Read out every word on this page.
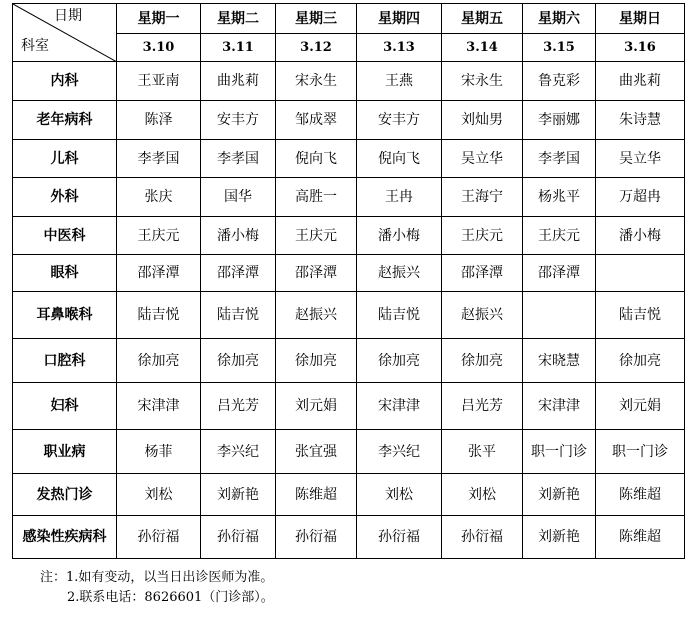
日期
科室	星期一	星期二	星期三	星期四	星期五	星期六	星期日
	3.10	3.11	3.12	3.13	3.14	3.15	3.16
内科	王亚南	曲兆莉	宋永生	王燕	宋永生	鲁克彩	曲兆莉
老年病科	陈泽	安丰方	邹成翠	安丰方	刘灿男	李丽娜	朱诗慧
儿科	李孝国	李孝国	倪向飞	倪向飞	吴立华	李孝国	吴立华
外科	张庆	国华	高胜一	王冉	王海宁	杨兆平	万超冉
中医科	王庆元	潘小梅	王庆元	潘小梅	王庆元	王庆元	潘小梅
眼科	邵泽潭	邵泽潭	邵泽潭	赵振兴	邵泽潭	邵泽潭	
耳鼻喉科	陆吉悦	陆吉悦	赵振兴	陆吉悦	赵振兴		陆吉悦
口腔科	徐加亮	徐加亮	徐加亮	徐加亮	徐加亮	宋晓慧	徐加亮
妇科	宋津津	吕光芳	刘元娟	宋津津	吕光芳	宋津津	刘元娟
职业病	杨菲	李兴纪	张宜强	李兴纪	张平	职一门诊	职一门诊
发热门诊	刘松	刘新艳	陈维超	刘松	刘松	刘新艳	陈维超
感染性疾病科	孙衍福	孙衍福	孙衍福	孙衍福	孙衍福	刘新艳	陈维超
注：1.如有变动，以当日出诊医师为准。
2.联系电话：8626601（门诊部）。
